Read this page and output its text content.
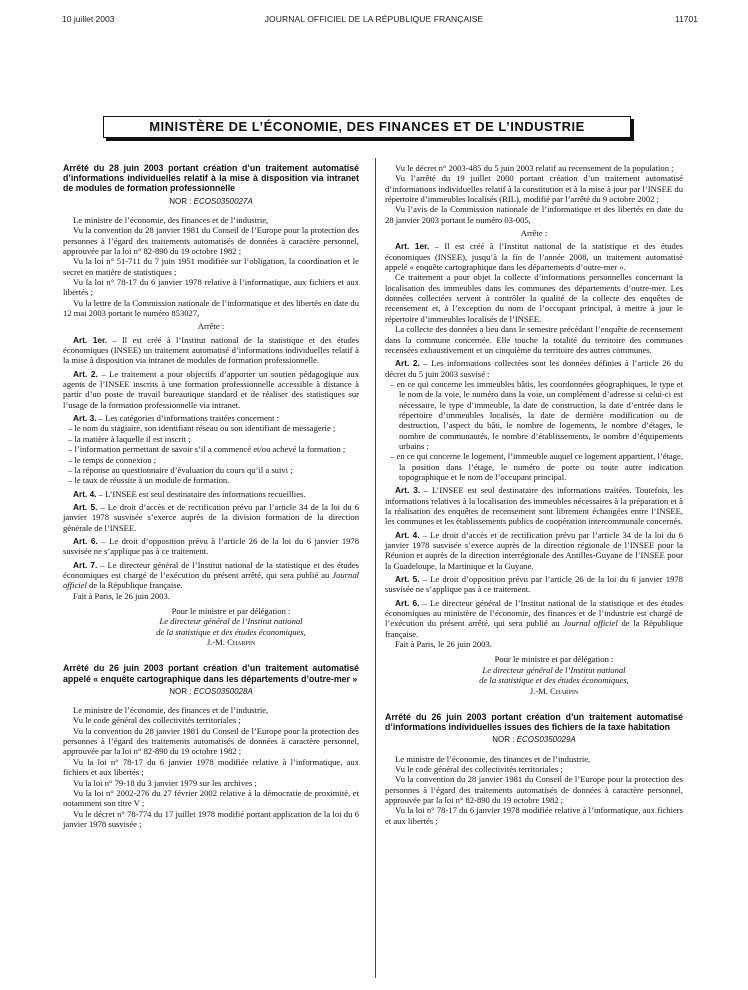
10 juillet 2003	JOURNAL OFFICIEL DE LA RÉPUBLIQUE FRANÇAISE	11701
MINISTÈRE DE L’ÉCONOMIE, DES FINANCES ET DE L’INDUSTRIE
Arrêté du 28 juin 2003 portant création d’un traitement automatisé d’informations individuelles relatif à la mise à disposition via intranet de modules de formation professionnelle
NOR : ECOS0350027A

Le ministre de l’économie, des finances et de l’industrie,

Vu la convention du 28 janvier 1981 du Conseil de l’Europe pour la protection des personnes à l’égard des traitements automatisés de données à caractère personnel, approuvée par la loi n° 82-890 du 19 octobre 1982 ;

Vu la loi n° 51-711 du 7 juin 1951 modifiée sur l’obligation, la coordination et le secret en matière de statistiques ;

Vu la loi n° 78-17 du 6 janvier 1978 relative à l’informatique, aux fichiers et aux libertés ;

Vu la lettre de la Commission nationale de l’informatique et des libertés en date du 12 mai 2003 portant le numéro 853027,

Arrête :

Art. 1er. – Il est créé à l’Institut national de la statistique et des études économiques (INSEE) un traitement automatisé d’informations individuelles relatif à la mise à disposition via intranet de modules de formation professionnelle.

Art. 2. – Le traitement a pour objectifs d’apporter un soutien pédagogique aux agents de l’INSEE inscrits à une formation professionnelle accessible à distance à partir d’un poste de travail bureautique standard et de réaliser des statistiques sur l’usage de la formation professionnelle via intranet.

Art. 3. – Les catégories d’informations traitées concernent :

– le nom du stagiaire, son identifiant réseau ou son identifiant de messagerie ;
– la matière à laquelle il est inscrit ;
– l’information permettant de savoir s’il a commencé et/ou achevé la formation ;
– le temps de connexion ;
– la réponse au questionnaire d’évaluation du cours qu’il a suivi ;
– le taux de réussite à un module de formation.

Art. 4. – L’INSEE est seul destinataire des informations recueillies.

Art. 5. – Le droit d’accès et de rectification prévu par l’article 34 de la loi du 6 janvier 1978 susvisée s’exerce auprès de la division formation de la direction générale de l’INSEE.

Art. 6. – Le droit d’opposition prévu à l’article 26 de la loi du 6 janvier 1978 susvisée ne s’applique pas à ce traitement.

Art. 7. – Le directeur général de l’Institut national de la statistique et des études économiques est chargé de l’exécution du présent arrêté, qui sera publié au Journal officiel de la République française.

Fait à Paris, le 26 juin 2003.

Pour le ministre et par délégation :
Le directeur général de l’Institut national
de la statistique et des études économiques,
J.-M. Charpin
Arrêté du 26 juin 2003 portant création d’un traitement automatisé appelé « enquête cartographique dans les départements d’outre-mer »
NOR : ECOS0350028A

Le ministre de l’économie, des finances et de l’industrie,

Vu le code général des collectivités territoriales ;

Vu la convention du 28 janvier 1981 du Conseil de l’Europe pour la protection des personnes à l’égard des traitements automatisés de données à caractère personnel, approuvée par la loi n° 82-890 du 19 octobre 1982 ;

Vu la loi n° 78-17 du 6 janvier 1978 modifiée relative à l’informatique, aux fichiers et aux libertés ;

Vu la loi n° 79-18 du 3 janvier 1979 sur les archives ;

Vu la loi n° 2002-276 du 27 février 2002 relative à la démocratie de proximité, et notamment son titre V ;

Vu le décret n° 78-774 du 17 juillet 1978 modifié portant application de la loi du 6 janvier 1978 susvisée ;

Vu le décret n° 2003-485 du 5 juin 2003 relatif au recensement de la population ;

Vu l’arrêté du 19 juillet 2000 portant création d’un traitement automatisé d’informations individuelles relatif à la constitution et à la mise à jour par l’INSEE du répertoire d’immeubles localisés (RIL), modifié par l’arrêté du 9 octobre 2002 ;

Vu l’avis de la Commission nationale de l’informatique et des libertés en date du 28 janvier 2003 portant le numéro 03-005,

Arrête :

Art. 1er. – Il est créé à l’Institut national de la statistique et des études économiques (INSEE), jusqu’à la fin de l’année 2008, un traitement automatisé appelé « enquête cartographique dans les départements d’outre-mer ».

Ce traitement a pour objet la collecte d’informations personnelles concernant la localisation des immeubles dans les communes des départements d’outre-mer. Les données collectées servent à contrôler la qualité de la collecte des enquêtes de recensement et, à l’exception du nom de l’occupant principal, à mettre à jour le répertoire d’immeubles localisés de l’INSEE.

La collecte des données a lieu dans le semestre précédant l’enquête de recensement dans la commune concernée. Elle touche la totalité du territoire des communes recensées exhaustivement et un cinquième du territoire des autres communes.

Art. 2. – Les informations collectées sont les données définies à l’article 26 du décret du 5 juin 2003 susvisé :

– en ce qui concerne les immeubles bâtis, les coordonnées géographiques, le type et le nom de la voie, le numéro dans la voie, un complément d’adresse si celui-ci est nécessaire, le type d’immeuble, la date de construction, la date d’entrée dans le répertoire d’immeubles localisés, la date de dernière modification ou de destruction, l’aspect du bâti, le nombre de logements, le nombre d’étages, le nombre de communautés, le nombre d’établissements, le nombre d’équipements urbains ;
– en ce qui concerne le logement, l’immeuble auquel ce logement appartient, l’étage, la position dans l’étage, le numéro de porte ou toute autre indication topographique et le nom de l’occupant principal.

Art. 3. – L’INSEE est seul destinataire des informations traitées. Toutefois, les informations relatives à la localisation des immeubles nécessaires à la préparation et à la réalisation des enquêtes de recensement sont librement échangées entre l’INSEE, les communes et les établissements publics de coopération intercommunale concernés.

Art. 4. – Le droit d’accès et de rectification prévu par l’article 34 de la loi du 6 janvier 1978 susvisée s’exerce auprès de la direction régionale de l’INSEE pour la Réunion et auprès de la direction interrégionale des Antilles-Guyane de l’INSEE pour la Guadeloupe, la Martinique et la Guyane.

Art. 5. – Le droit d’opposition prévu par l’article 26 de la loi du 6 janvier 1978 susvisée ne s’applique pas à ce traitement.

Art. 6. – Le directeur général de l’Institut national de la statistique et des études économiques au ministère de l’économie, des finances et de l’industrie est chargé de l’exécution du présent arrêté, qui sera publié au Journal officiel de la République française.

Fait à Paris, le 26 juin 2003.

Pour le ministre et par délégation :
Le directeur général de l’Institut national
de la statistique et des études économiques,
J.-M. Charpin
Arrêté du 26 juin 2003 portant création d’un traitement automatisé d’informations individuelles issues des fichiers de la taxe habitation
NOR : ECOS0350029A

Le ministre de l’économie, des finances et de l’industrie,

Vu le code général des collectivités territoriales ;

Vu la convention du 28 janvier 1981 du Conseil de l’Europe pour la protection des personnes à l’égard des traitements automatisés de données à caractère personnel, approuvée par la loi n° 82-890 du 19 octobre 1982 ;

Vu la loi n° 78-17 du 6 janvier 1978 modifiée relative à l’informatique, aux fichiers et aux libertés ;
